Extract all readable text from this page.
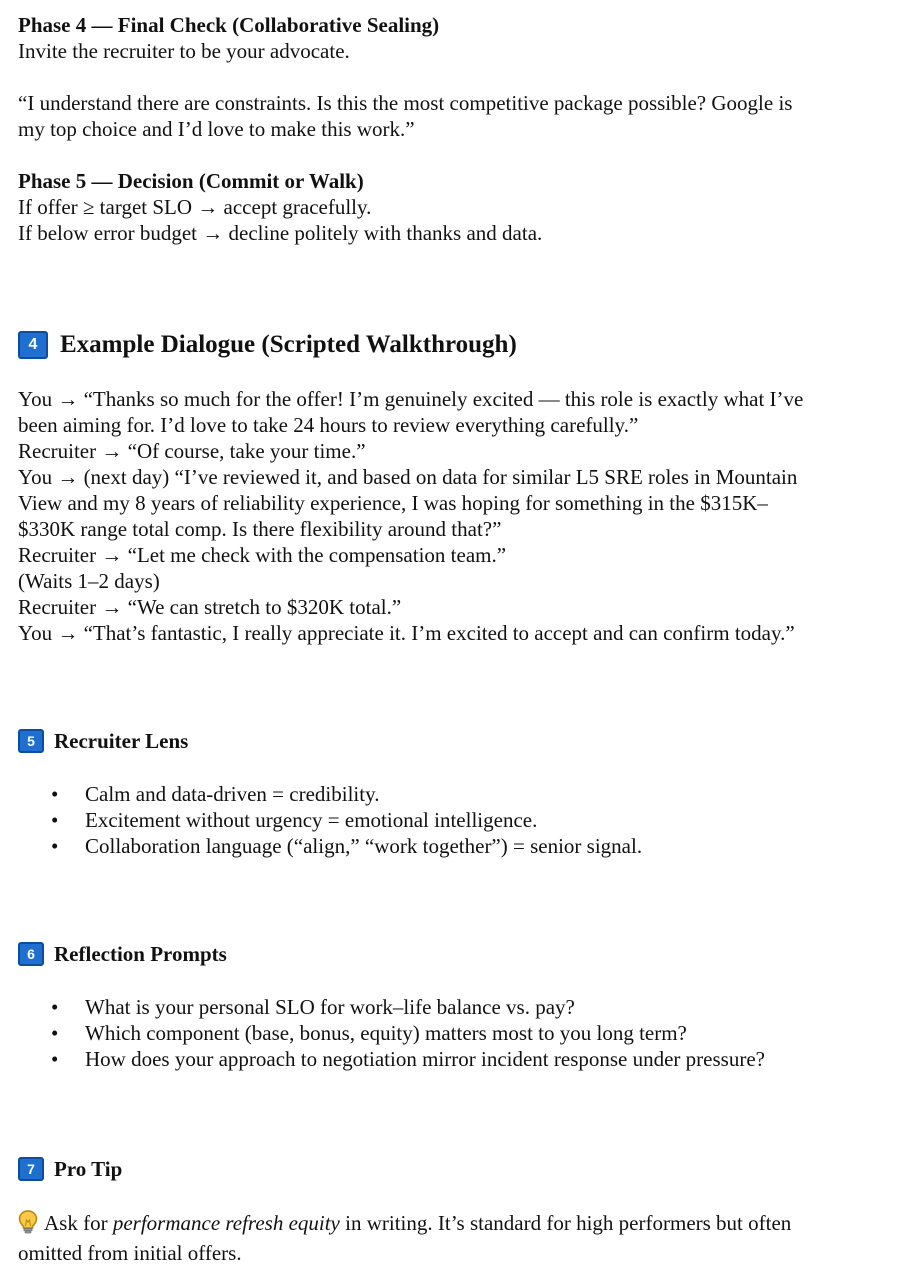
Phase 4 — Final Check (Collaborative Sealing)

Invite the recruiter to be your advocate.

“I understand there are constraints. Is this the most competitive package possible? Google is

my top choice and I’d love to make this work.”

Phase 5 — Decision (Commit or Walk)

If offer ≥ target SLO → accept gracefully.

If below error budget → decline politely with thanks and data.

4 Example Dialogue (Scripted Walkthrough)

You → “Thanks so much for the offer! I’m genuinely excited — this role is exactly what I’ve

been aiming for. I’d love to take 24 hours to review everything carefully.”

Recruiter → “Of course, take your time.”

You → (next day) “I’ve reviewed it, and based on data for similar L5 SRE roles in Mountain

View and my 8 years of reliability experience, I was hoping for something in the $315K–

$330K range total comp. Is there flexibility around that?”

Recruiter → “Let me check with the compensation team.”

(Waits 1–2 days)

Recruiter → “We can stretch to $320K total.”

You → “That’s fantastic, I really appreciate it. I’m excited to accept and can confirm today.”

5 Recruiter Lens
• Calm and data-driven = credibility.
• Excitement without urgency = emotional intelligence.
• Collaboration language (“align,” “work together”) = senior signal.
6 Reflection Prompts
• What is your personal SLO for work–life balance vs. pay?
• Which component (base, bonus, equity) matters most to you long term?
• How does your approach to negotiation mirror incident response under pressure?
7 Pro Tip

Ask for performance refresh equity in writing. It’s standard for high performers but often

omitted from initial offers.
